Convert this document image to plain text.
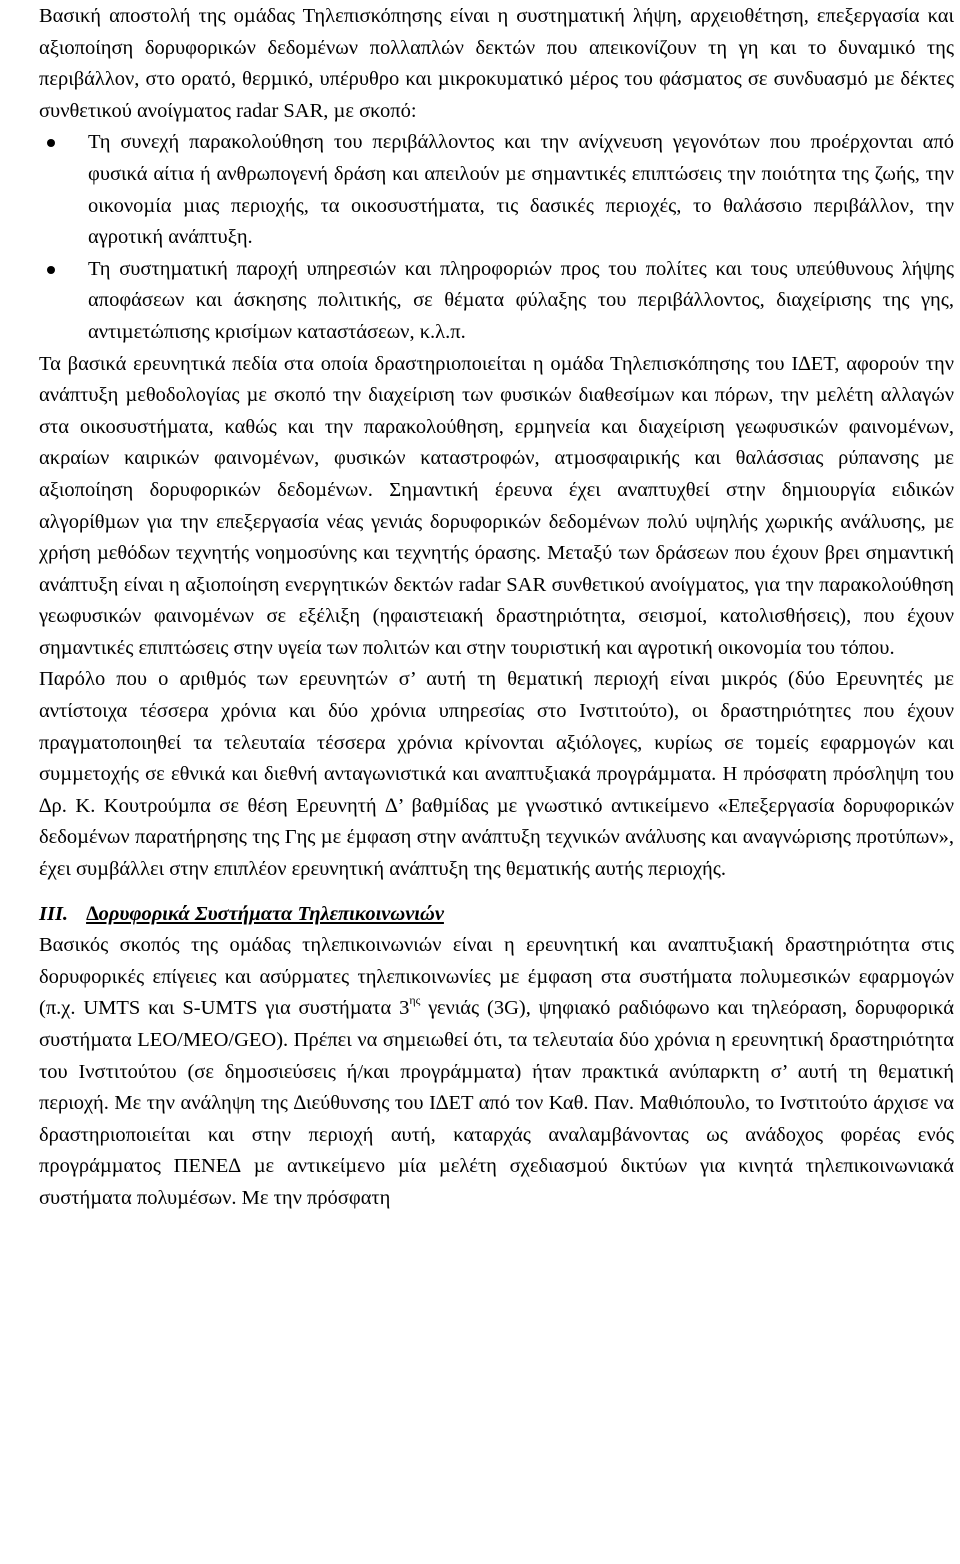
Βασική αποστολή της οµάδας Τηλεπισκόπησης είναι η συστηµατική λήψη, αρχειοθέτηση, επεξεργασία και αξιοποίηση δορυφορικών δεδοµένων πολλαπλών δεκτών που απεικονίζουν τη γη και το δυναµικό της περιβάλλον, στο ορατό, θερµικό, υπέρυθρο και µικροκυµατικό µέρος του φάσµατος σε συνδυασµό µε δέκτες συνθετικού ανοίγµατος radar SAR, µε σκοπό:

Τη συνεχή παρακολούθηση του περιβάλλοντος και την ανίχνευση γεγονότων που προέρχονται από φυσικά αίτια ή ανθρωπογενή δράση και απειλούν µε σηµαντικές επιπτώσεις την ποιότητα της ζωής, την οικονοµία µιας περιοχής, τα οικοσυστήµατα, τις δασικές περιοχές, το θαλάσσιο περιβάλλον, την αγροτική ανάπτυξη.
Τη συστηµατική παροχή υπηρεσιών και πληροφοριών προς του πολίτες και τους υπεύθυνους λήψης αποφάσεων και άσκησης πολιτικής, σε θέµατα φύλαξης του περιβάλλοντος, διαχείρισης της γης, αντιµετώπισης κρισίµων καταστάσεων, κ.λ.π.

Τα βασικά ερευνητικά πεδία στα οποία δραστηριοποιείται η οµάδα Τηλεπισκόπησης του Ι∆ΕΤ, αφορούν την ανάπτυξη µεθοδολογίας µε σκοπό την διαχείριση των φυσικών διαθεσίµων και πόρων, την µελέτη αλλαγών στα οικοσυστήµατα, καθώς και την παρακολούθηση, ερµηνεία και διαχείριση γεωφυσικών φαινοµένων, ακραίων καιρικών φαινοµένων, φυσικών καταστροφών, ατµοσφαιρικής και θαλάσσιας ρύπανσης µε αξιοποίηση δορυφορικών δεδοµένων. Σηµαντική έρευνα έχει αναπτυχθεί στην δηµιουργία ειδικών αλγορίθµων για την επεξεργασία νέας γενιάς δορυφορικών δεδοµένων πολύ υψηλής χωρικής ανάλυσης, µε χρήση µεθόδων τεχνητής νοηµοσύνης και τεχνητής όρασης. Μεταξύ των δράσεων που έχουν βρει σηµαντική ανάπτυξη είναι η αξιοποίηση ενεργητικών δεκτών radar SAR συνθετικού ανοίγµατος, για την παρακολούθηση γεωφυσικών φαινοµένων σε εξέλιξη (ηφαιστειακή δραστηριότητα, σεισµοί, κατολισθήσεις), που έχουν σηµαντικές επιπτώσεις στην υγεία των πολιτών και στην τουριστική και αγροτική οικονοµία του τόπου.

Παρόλο που ο αριθµός των ερευνητών σ’ αυτή τη θεµατική περιοχή είναι µικρός (δύο Ερευνητές µε αντίστοιχα τέσσερα χρόνια και δύο χρόνια υπηρεσίας στο Ινστιτούτο), οι δραστηριότητες που έχουν πραγµατοποιηθεί τα τελευταία τέσσερα χρόνια κρίνονται αξιόλογες, κυρίως σε τοµείς εφαρµογών και συµµετοχής σε εθνικά και διεθνή ανταγωνιστικά και αναπτυξιακά προγράµµατα. Η πρόσφατη πρόσληψη του ∆ρ. Κ. Κουτρούµπα σε θέση Ερευνητή ∆’ βαθµίδας µε γνωστικό αντικείµενο «Επεξεργασία δορυφορικών δεδοµένων παρατήρησης της Γης µε έµφαση στην ανάπτυξη τεχνικών ανάλυσης και αναγνώρισης προτύπων», έχει συµβάλλει στην επιπλέον ερευνητική ανάπτυξη της θεµατικής αυτής περιοχής.

III. ∆ορυφορικά Συστήµατα Τηλεπικοινωνιών

Βασικός σκοπός της οµάδας τηλεπικοινωνιών είναι η ερευνητική και αναπτυξιακή δραστηριότητα στις δορυφορικές επίγειες και ασύρµατες τηλεπικοινωνίες µε έµφαση στα συστήµατα πολυµεσικών εφαρµογών (π.χ. UMTS και S-UMTS για συστήµατα $3^{\eta\varsigma}$ γενιάς (3G), ψηφιακό ραδιόφωνο και τηλεόραση, δορυφορικά συστήµατα LEO/MEO/GEO). Πρέπει να σηµειωθεί ότι, τα τελευταία δύο χρόνια η ερευνητική δραστηριότητα του Ινστιτούτου (σε δηµοσιεύσεις ή/και προγράµµατα) ήταν πρακτικά ανύπαρκτη σ’ αυτή τη θεµατική περιοχή. Με την ανάληψη της ∆ιεύθυνσης του Ι∆ΕΤ από τον Καθ. Παν. Μαθιόπουλο, το Ινστιτούτο άρχισε να δραστηριοποιείται και στην περιοχή αυτή, καταρχάς αναλαµβάνοντας ως ανάδοχος φορέας ενός προγράµµατος ΠΕΝΕ∆ µε αντικείµενο µία µελέτη σχεδιασµού δικτύων για κινητά τηλεπικοινωνιακά συστήµατα πολυµέσων. Με την πρόσφατη
